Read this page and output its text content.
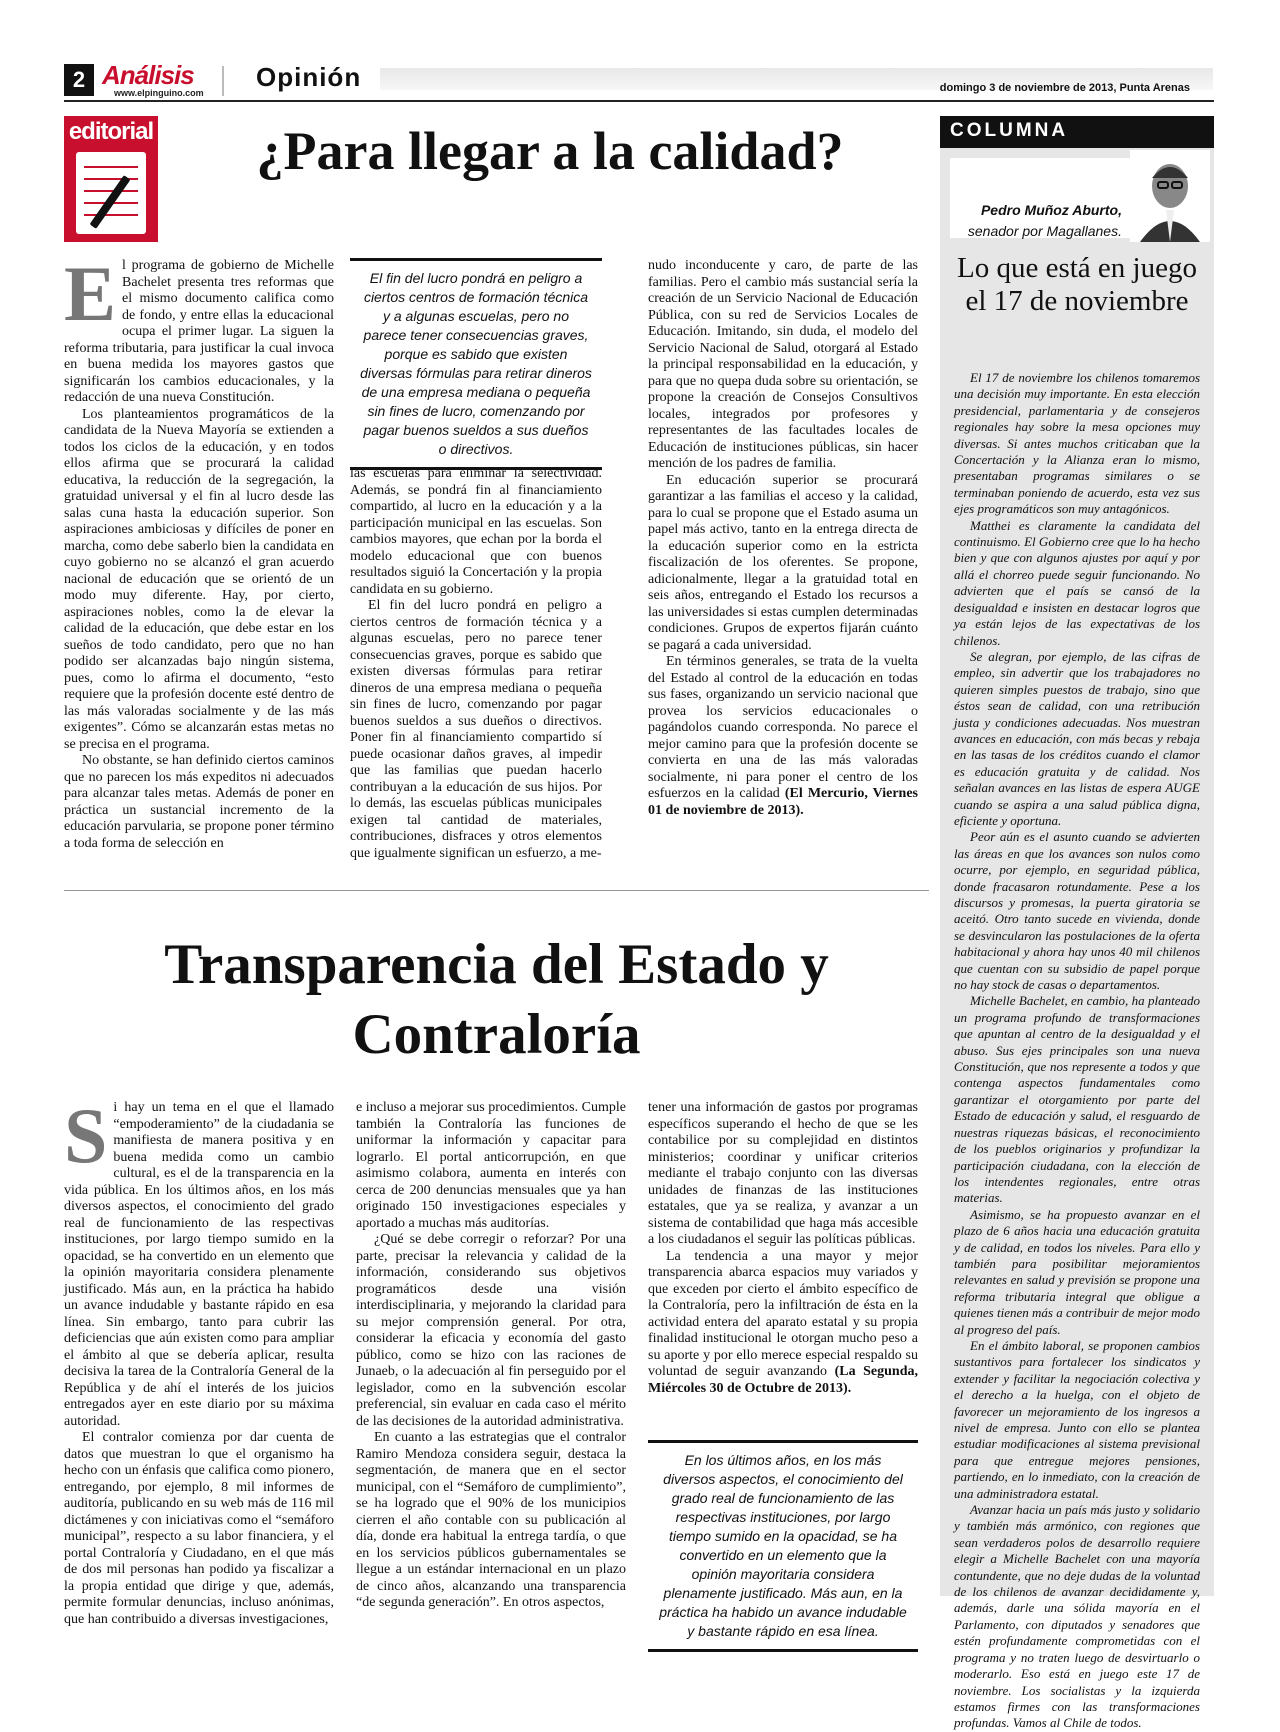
2 Análisis
www.elpinguino.com
Opinión	domingo 3 de noviembre de 2013, Punta Arenas
editorial	¿Para llegar a la calidad?

El programa de gobierno de Michelle Bachelet presenta tres reformas que el mismo documento califica como de fondo, y entre ellas la educacional ocupa el primer lugar. La siguen la reforma tributaria, para justificar la cual invoca en buena medida los mayores gastos que significarán los cambios educacionales, y la redacción de una nueva Constitución.

Los planteamientos programáticos de la candidata de la Nueva Mayoría se extienden a todos los ciclos de la educación, y en todos ellos afirma que se procurará la calidad educativa, la reducción de la segregación, la gratuidad universal y el fin al lucro desde las salas cuna hasta la educación superior. Son aspiraciones ambiciosas y difíciles de poner en marcha, como debe saberlo bien la candidata en cuyo gobierno no se alcanzó el gran acuerdo nacional de educación que se orientó de un modo muy diferente. Hay, por cierto, aspiraciones nobles, como la de elevar la calidad de la educación, que debe estar en los sueños de todo candidato, pero que no han podido ser alcanzadas bajo ningún sistema, pues, como lo afirma el documento, “esto requiere que la profesión docente esté dentro de las más valoradas socialmente y de las más exigentes”. Cómo se alcanzarán estas metas no se precisa en el programa.

No obstante, se han definido ciertos caminos que no parecen los más expeditos ni adecuados para alcanzar tales metas. Además de poner en práctica un sustancial incremento de la educación parvularia, se propone poner término a toda forma de selección en

El fin del lucro pondrá en peligro a ciertos centros de formación técnica y a algunas escuelas, pero no parece tener consecuencias graves, porque es sabido que existen diversas fórmulas para retirar dineros de una empresa mediana o pequeña sin fines de lucro, comenzando por pagar buenos sueldos a sus dueños o directivos.

las escuelas para eliminar la selectividad. Además, se pondrá fin al financiamiento compartido, al lucro en la educación y a la participación municipal en las escuelas. Son cambios mayores, que echan por la borda el modelo educacional que con buenos resultados siguió la Concertación y la propia candidata en su gobierno.

El fin del lucro pondrá en peligro a ciertos centros de formación técnica y a algunas escuelas, pero no parece tener consecuencias graves, porque es sabido que existen diversas fórmulas para retirar dineros de una empresa mediana o pequeña sin fines de lucro, comenzando por pagar buenos sueldos a sus dueños o directivos. Poner fin al financiamiento compartido sí puede ocasionar daños graves, al impedir que las familias que puedan hacerlo contribuyan a la educación de sus hijos. Por lo demás, las escuelas públicas municipales exigen tal cantidad de materiales, contribuciones, disfraces y otros elementos que igualmente significan un esfuerzo, a me-

nudo inconducente y caro, de parte de las familias. Pero el cambio más sustancial sería la creación de un Servicio Nacional de Educación Pública, con su red de Servicios Locales de Educación. Imitando, sin duda, el modelo del Servicio Nacional de Salud, otorgará al Estado la principal responsabilidad en la educación, y para que no quepa duda sobre su orientación, se propone la creación de Consejos Consultivos locales, integrados por profesores y representantes de las facultades locales de Educación de instituciones públicas, sin hacer mención de los padres de familia.

En educación superior se procurará garantizar a las familias el acceso y la calidad, para lo cual se propone que el Estado asuma un papel más activo, tanto en la entrega directa de la educación superior como en la estricta fiscalización de los oferentes. Se propone, adicionalmente, llegar a la gratuidad total en seis años, entregando el Estado los recursos a las universidades si estas cumplen determinadas condiciones. Grupos de expertos fijarán cuánto se pagará a cada universidad.

En términos generales, se trata de la vuelta del Estado al control de la educación en todas sus fases, organizando un servicio nacional que provea los servicios educacionales o pagándolos cuando corresponda. No parece el mejor camino para que la profesión docente se convierta en una de las más valoradas socialmente, ni para poner el centro de los esfuerzos en la calidad (El Mercurio, Viernes 01 de noviembre de 2013).

Transparencia del Estado y Contraloría

Si hay un tema en el que el llamado “empoderamiento” de la ciudadania se manifiesta de manera positiva y en buena medida como un cambio cultural, es el de la transparencia en la vida pública. En los últimos años, en los más diversos aspectos, el conocimiento del grado real de funcionamiento de las respectivas instituciones, por largo tiempo sumido en la opacidad, se ha convertido en un elemento que la opinión mayoritaria considera plenamente justificado. Más aun, en la práctica ha habido un avance indudable y bastante rápido en esa línea. Sin embargo, tanto para cubrir las deficiencias que aún existen como para ampliar el ámbito al que se debería aplicar, resulta decisiva la tarea de la Contraloría General de la República y de ahí el interés de los juicios entregados ayer en este diario por su máxima autoridad.

El contralor comienza por dar cuenta de datos que muestran lo que el organismo ha hecho con un énfasis que califica como pionero, entregando, por ejemplo, 8 mil informes de auditoría, publicando en su web más de 116 mil dictámenes y con iniciativas como el “semáforo municipal”, respecto a su labor financiera, y el portal Contraloría y Ciudadano, en el que más de dos mil personas han podido ya fiscalizar a la propia entidad que dirige y que, además, permite formular denuncias, incluso anónimas, que han contribuido a diversas investigaciones,

e incluso a mejorar sus procedimientos. Cumple también la Contraloría las funciones de uniformar la información y capacitar para lograrlo. El portal anticorrupción, en que asimismo colabora, aumenta en interés con cerca de 200 denuncias mensuales que ya han originado 150 investigaciones especiales y aportado a muchas más auditorías.

¿Qué se debe corregir o reforzar? Por una parte, precisar la relevancia y calidad de la información, considerando sus objetivos programáticos desde una visión interdisciplinaria, y mejorando la claridad para su mejor comprensión general. Por otra, considerar la eficacia y economía del gasto público, como se hizo con las raciones de Junaeb, o la adecuación al fin perseguido por el legislador, como en la subvención escolar preferencial, sin evaluar en cada caso el mérito de las decisiones de la autoridad administrativa.

En cuanto a las estrategias que el contralor Ramiro Mendoza considera seguir, destaca la segmentación, de manera que en el sector municipal, con el “Semáforo de cumplimiento”, se ha logrado que el 90% de los municipios cierren el año contable con su publicación al día, donde era habitual la entrega tardía, o que en los servicios públicos gubernamentales se llegue a un estándar internacional en un plazo de cinco años, alcanzando una transparencia “de segunda generación”. En otros aspectos,

tener una información de gastos por programas específicos superando el hecho de que se les contabilice por su complejidad en distintos ministerios; coordinar y unificar criterios mediante el trabajo conjunto con las diversas unidades de finanzas de las instituciones estatales, que ya se realiza, y avanzar a un sistema de contabilidad que haga más accesible a los ciudadanos el seguir las políticas públicas.

La tendencia a una mayor y mejor transparencia abarca espacios muy variados y que exceden por cierto el ámbito específico de la Contraloría, pero la infiltración de ésta en la actividad entera del aparato estatal y su propia finalidad institucional le otorgan mucho peso a su aporte y por ello merece especial respaldo su voluntad de seguir avanzando (La Segunda, Miércoles 30 de Octubre de 2013).

En los últimos años, en los más diversos aspectos, el conocimiento del grado real de funcionamiento de las respectivas instituciones, por largo tiempo sumido en la opacidad, se ha convertido en un elemento que la opinión mayoritaria considera plenamente justificado. Más aun, en la práctica ha habido un avance indudable y bastante rápido en esa línea.
COLUMNA
Pedro Muñoz Aburto,
senador por Magallanes.
Lo que está en juego el 17 de noviembre

El 17 de noviembre los chilenos tomaremos una decisión muy importante. En esta elección presidencial, parlamentaria y de consejeros regionales hay sobre la mesa opciones muy diversas. Si antes muchos criticaban que la Concertación y la Alianza eran lo mismo, presentaban programas similares o se terminaban poniendo de acuerdo, esta vez sus ejes programáticos son muy antagónicos.

Matthei es claramente la candidata del continuismo. El Gobierno cree que lo ha hecho bien y que con algunos ajustes por aquí y por allá el chorreo puede seguir funcionando. No advierten que el país se cansó de la desigualdad e insisten en destacar logros que ya están lejos de las expectativas de los chilenos.

Se alegran, por ejemplo, de las cifras de empleo, sin advertir que los trabajadores no quieren simples puestos de trabajo, sino que éstos sean de calidad, con una retribución justa y condiciones adecuadas. Nos muestran avances en educación, con más becas y rebaja en las tasas de los créditos cuando el clamor es educación gratuita y de calidad. Nos señalan avances en las listas de espera AUGE cuando se aspira a una salud pública digna, eficiente y oportuna.

Peor aún es el asunto cuando se advierten las áreas en que los avances son nulos como ocurre, por ejemplo, en seguridad pública, donde fracasaron rotundamente. Pese a los discursos y promesas, la puerta giratoria se aceitó. Otro tanto sucede en vivienda, donde se desvincularon las postulaciones de la oferta habitacional y ahora hay unos 40 mil chilenos que cuentan con su subsidio de papel porque no hay stock de casas o departamentos.

Michelle Bachelet, en cambio, ha planteado un programa profundo de transformaciones que apuntan al centro de la desigualdad y el abuso. Sus ejes principales son una nueva Constitución, que nos represente a todos y que contenga aspectos fundamentales como garantizar el otorgamiento por parte del Estado de educación y salud, el resguardo de nuestras riquezas básicas, el reconocimiento de los pueblos originarios y profundizar la participación ciudadana, con la elección de los intendentes regionales, entre otras materias.

Asimismo, se ha propuesto avanzar en el plazo de 6 años hacia una educación gratuita y de calidad, en todos los niveles. Para ello y también para posibilitar mejoramientos relevantes en salud y previsión se propone una reforma tributaria integral que obligue a quienes tienen más a contribuir de mejor modo al progreso del país.

En el ámbito laboral, se proponen cambios sustantivos para fortalecer los sindicatos y extender y facilitar la negociación colectiva y el derecho a la huelga, con el objeto de favorecer un mejoramiento de los ingresos a nivel de empresa. Junto con ello se plantea estudiar modificaciones al sistema previsional para que entregue mejores pensiones, partiendo, en lo inmediato, con la creación de una administradora estatal.

Avanzar hacia un país más justo y solidario y también más armónico, con regiones que sean verdaderos polos de desarrollo requiere elegir a Michelle Bachelet con una mayoría contundente, que no deje dudas de la voluntad de los chilenos de avanzar decididamente y, además, darle una sólida mayoría en el Parlamento, con diputados y senadores que estén profundamente comprometidas con el programa y no traten luego de desvirtuarlo o moderarlo. Eso está en juego este 17 de noviembre. Los socialistas y la izquierda estamos firmes con las transformaciones profundas. Vamos al Chile de todos.
